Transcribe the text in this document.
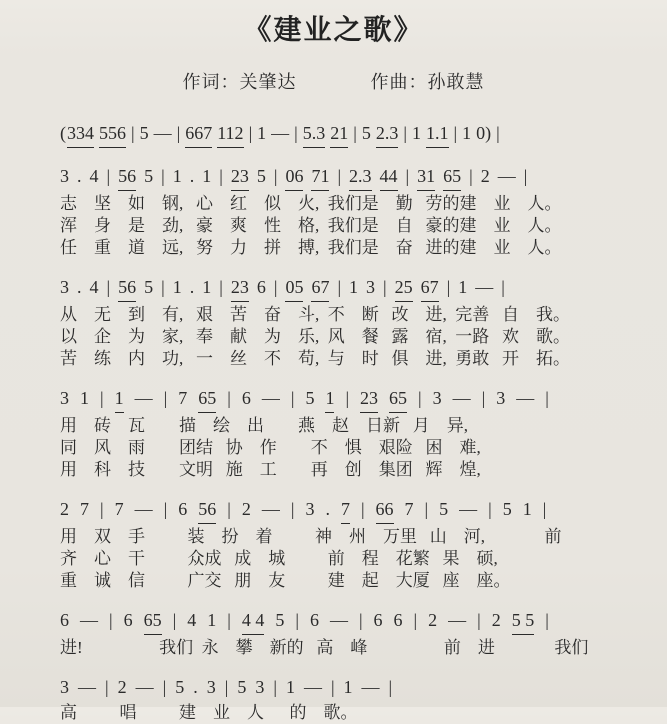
《建业之歌》
作词：关肇达	作曲：孙敢慧
(334 556 | 5 — | 667 112 | 1 — | 5.3 21 | 5 2.3 | 1 1.1 | 1 0) |
3 . 4 | 56 5 | 1 . 1 | 23 5 | 06 71 | 2.3 44 | 31 65 | 2 — |
志    坚    如    钢,   心    红    似    火,  我们是    勤   劳的建    业    人。
浑    身    是    劲,   豪    爽    性    格,  我们是    自   豪的建    业    人。
任    重    道    远,   努    力    拼    搏,  我们是    奋   进的建    业    人。
3 . 4 | 56 5 | 1 . 1 | 23 6 | 05 67 | 1 3 | 25 67 | 1 — |
从    无    到    有,   艰    苦    奋    斗,  不    断   改    进,  完善   自    我。
以    企    为    家,   奉    献    为    乐,  风    餐   露    宿,  一路   欢    歌。
苦    练    内    功,   一    丝    不    苟,  与    时   俱    进,  勇敢   开    拓。
3 1 | 1 — | 7 65 | 6 — | 5 1 | 23 65 | 3 — | 3 — |
用    砖    瓦        描    绘    出        燕    赵    日新   月    异,
同    风    雨        团结   协    作        不    惧    艰险   困    难,
用    科    技        文明   施    工        再    创    集团   辉    煌,
2 7 | 7 — | 6 56 | 2 — | 3 . 7 | 66 7 | 5 — | 5 1 |
用    双    手          装    扮    着          神    州    万里   山    河,              前
齐    心    干          众成   成    城          前    程    花繁   果    硕,
重    诚    信          广交   朋    友          建    起    大厦   座    座。
6 — | 6 65 | 4 1 | 4 4 5 | 6 — | 6 6 | 2 — | 2 5 5 |
进!                  我们  永    攀    新的   高    峰                  前    进              我们
3 — | 2 — | 5 . 3 | 5 3 | 1 — | 1 — |
高          唱          建    业    人      的    歌。
